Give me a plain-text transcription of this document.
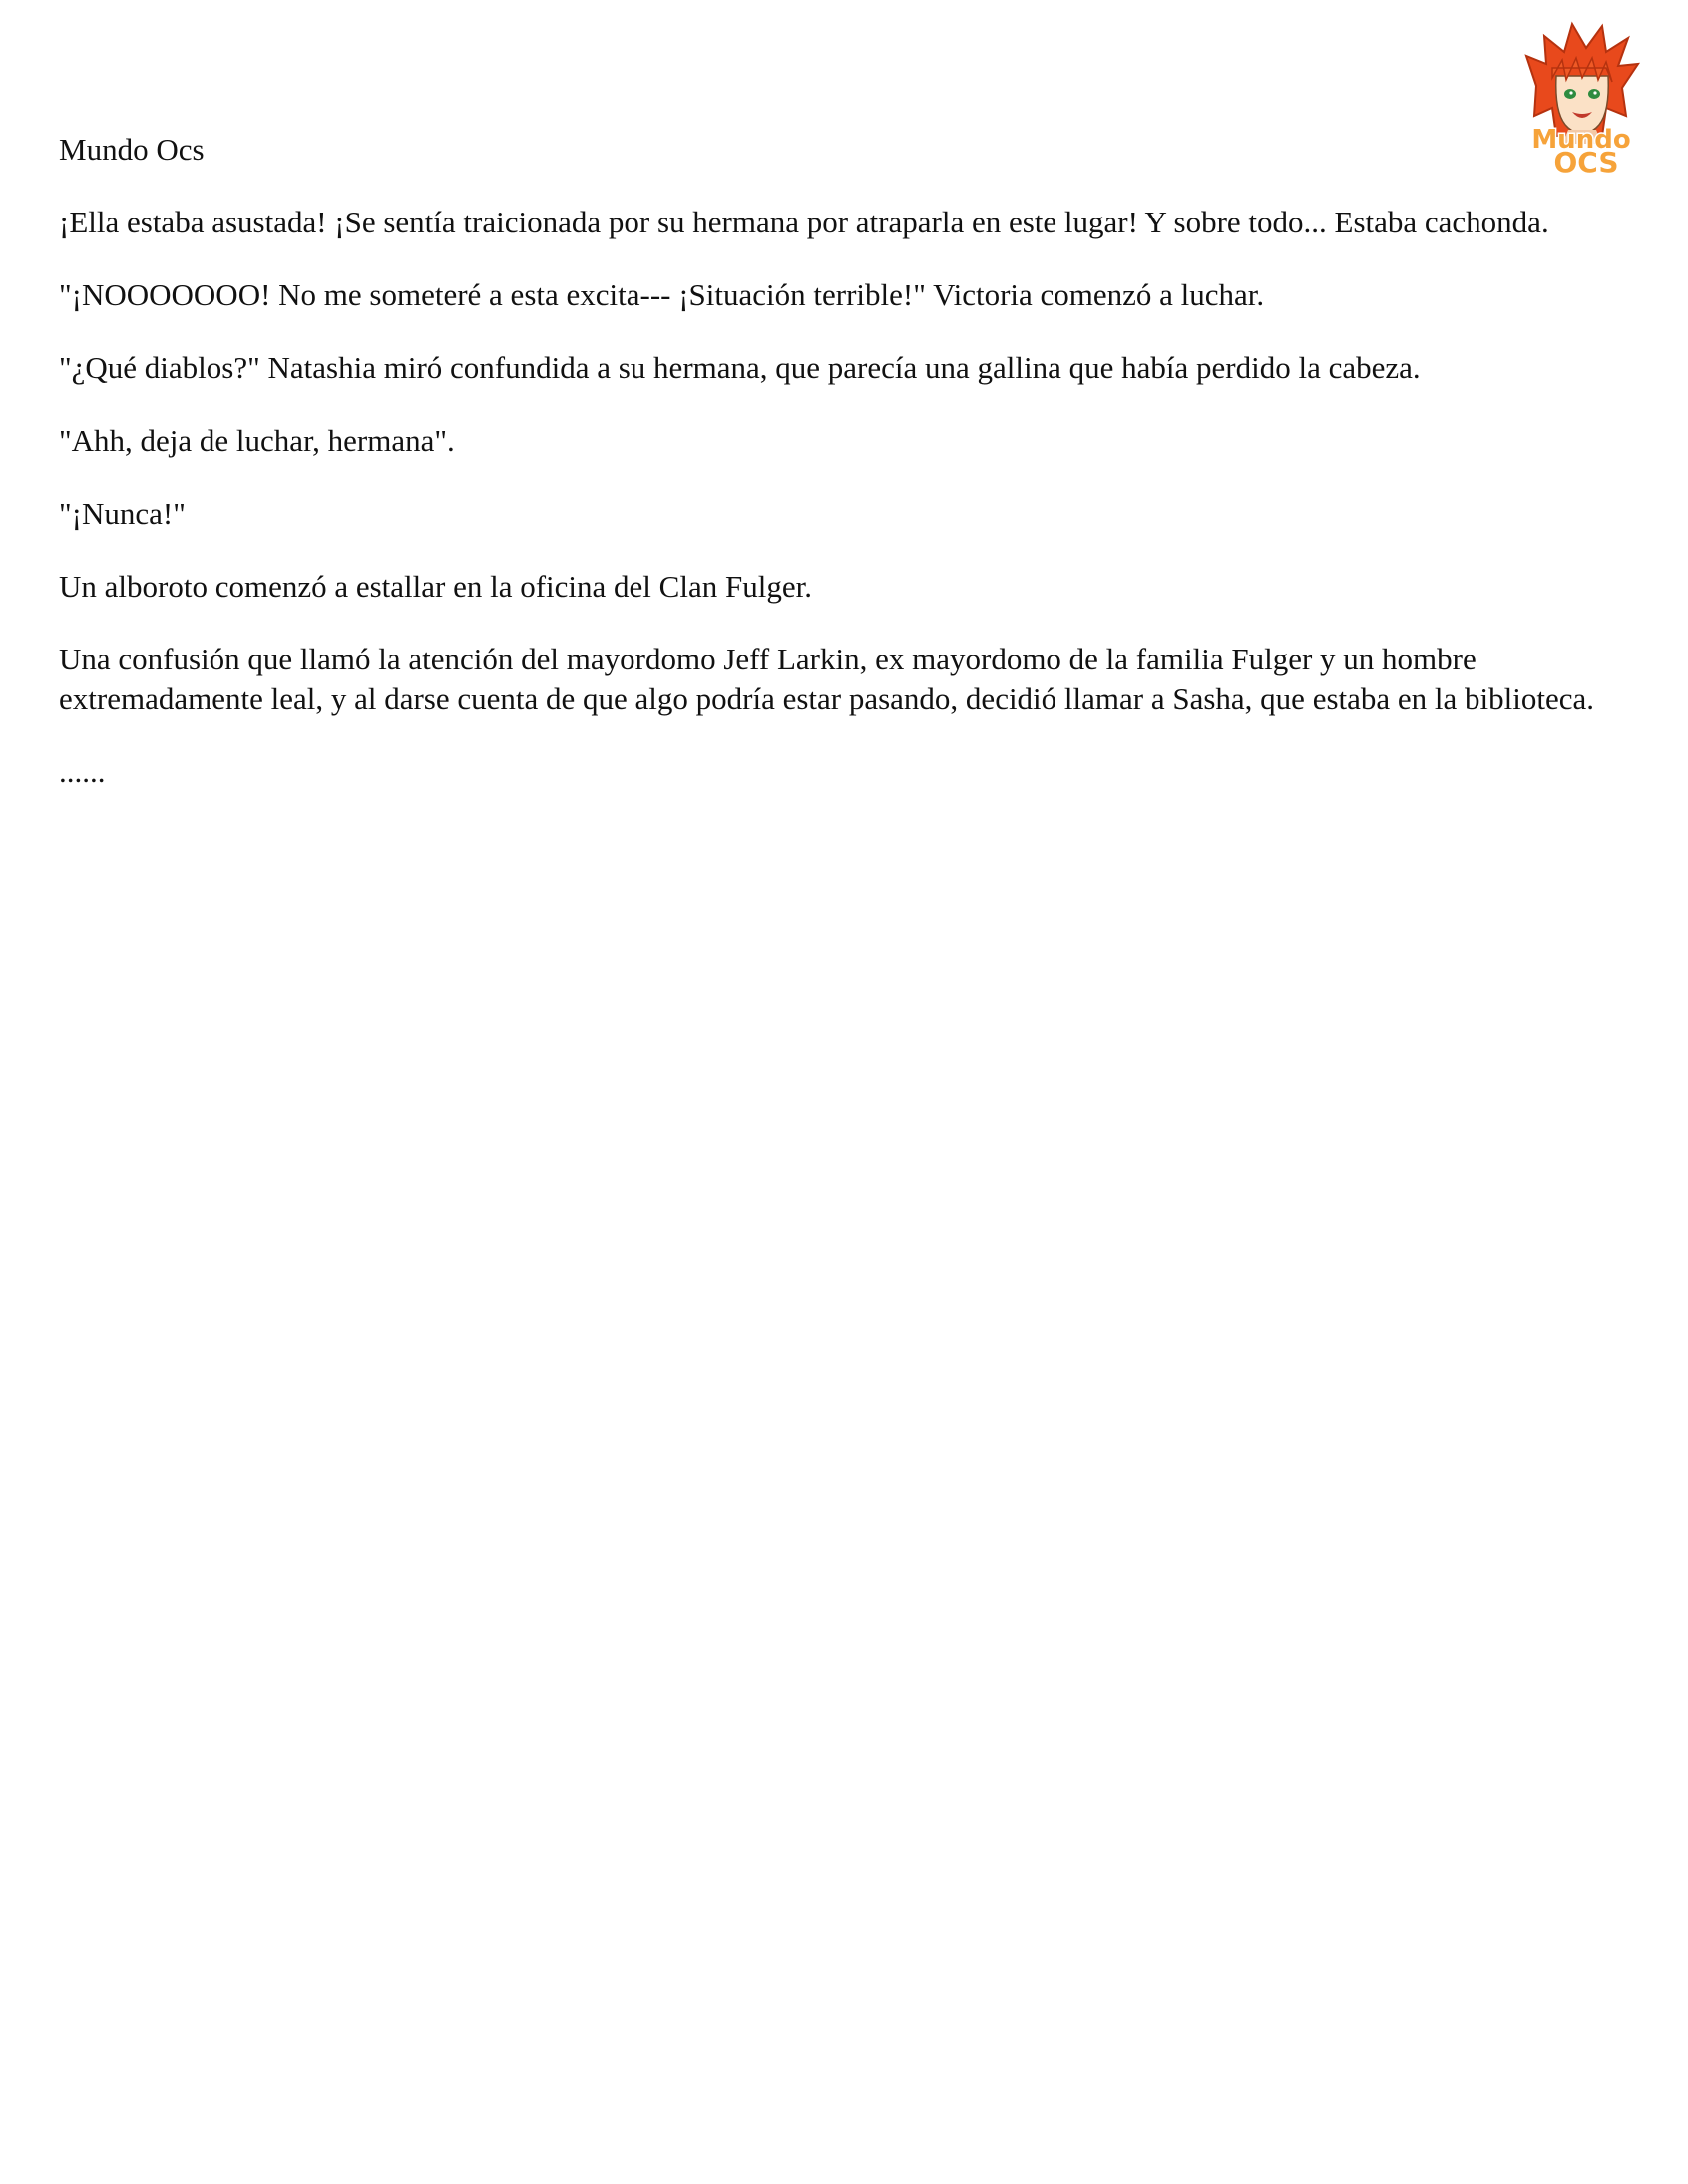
Mundo
OCS

Mundo Ocs

¡Ella estaba asustada! ¡Se sentía traicionada por su hermana por atraparla en este lugar! Y sobre todo... Estaba cachonda.

"¡NOOOOOOO! No me someteré a esta excita--- ¡Situación terrible!" Victoria comenzó a luchar.

"¿Qué diablos?" Natashia miró confundida a su hermana, que parecía una gallina que había perdido la cabeza.

"Ahh, deja de luchar, hermana".

"¡Nunca!"

Un alboroto comenzó a estallar en la oficina del Clan Fulger.

Una confusión que llamó la atención del mayordomo Jeff Larkin, ex mayordomo de la familia Fulger y un hombre extremadamente leal, y al darse cuenta de que algo podría estar pasando, decidió llamar a Sasha, que estaba en la biblioteca.

......
